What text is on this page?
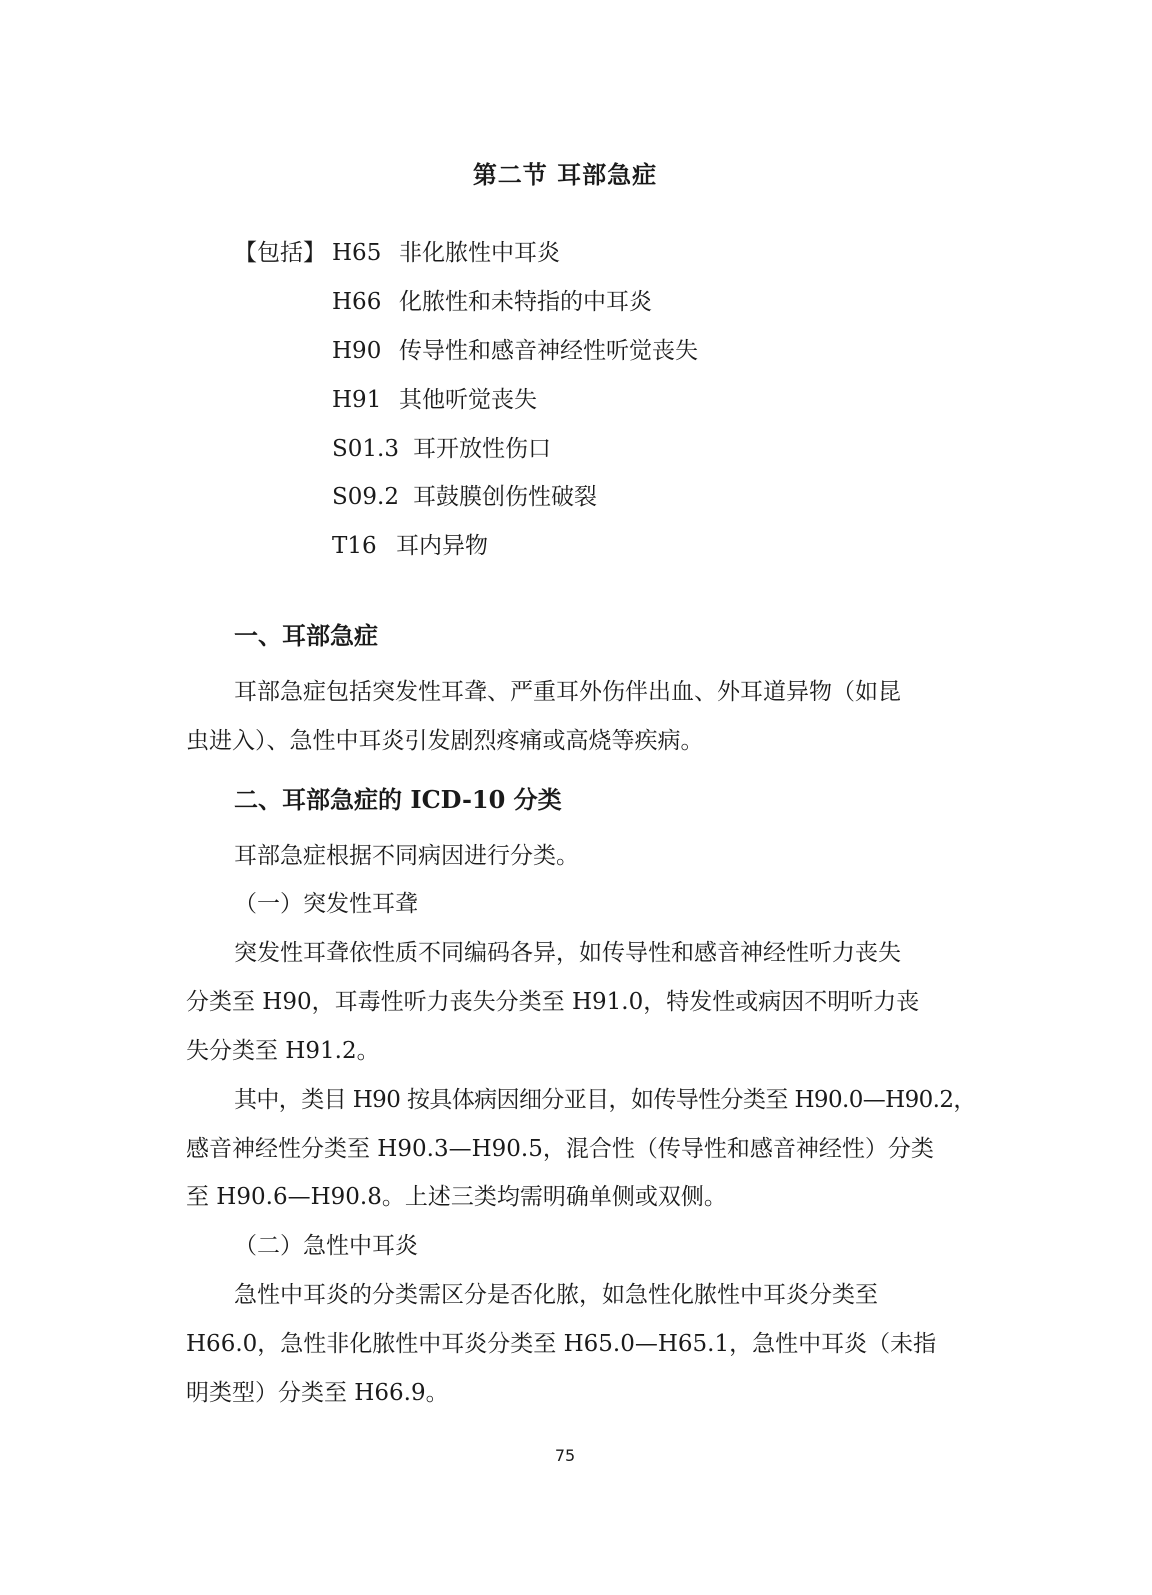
第二节 耳部急症
【包括】 H65 非化脓性中耳炎
H66 化脓性和未特指的中耳炎
H90 传导性和感音神经性听觉丧失
H91 其他听觉丧失
S01.3 耳开放性伤口
S09.2 耳鼓膜创伤性破裂
T16 耳内异物
一、耳部急症
耳部急症包括突发性耳聋、严重耳外伤伴出血、外耳道异物（如昆
虫进入）、急性中耳炎引发剧烈疼痛或高烧等疾病。
二、耳部急症的 ICD-10 分类
耳部急症根据不同病因进行分类。
（一）突发性耳聋
突发性耳聋依性质不同编码各异，如传导性和感音神经性听力丧失
分类至 H90，耳毒性听力丧失分类至 H91.0，特发性或病因不明听力丧
失分类至 H91.2。
其中，类目 H90 按具体病因细分亚目，如传导性分类至 H90.0—H90.2，
感音神经性分类至 H90.3—H90.5，混合性（传导性和感音神经性）分类
至 H90.6—H90.8。上述三类均需明确单侧或双侧。
（二）急性中耳炎
急性中耳炎的分类需区分是否化脓，如急性化脓性中耳炎分类至
H66.0，急性非化脓性中耳炎分类至 H65.0—H65.1，急性中耳炎（未指
明类型）分类至 H66.9。
75
